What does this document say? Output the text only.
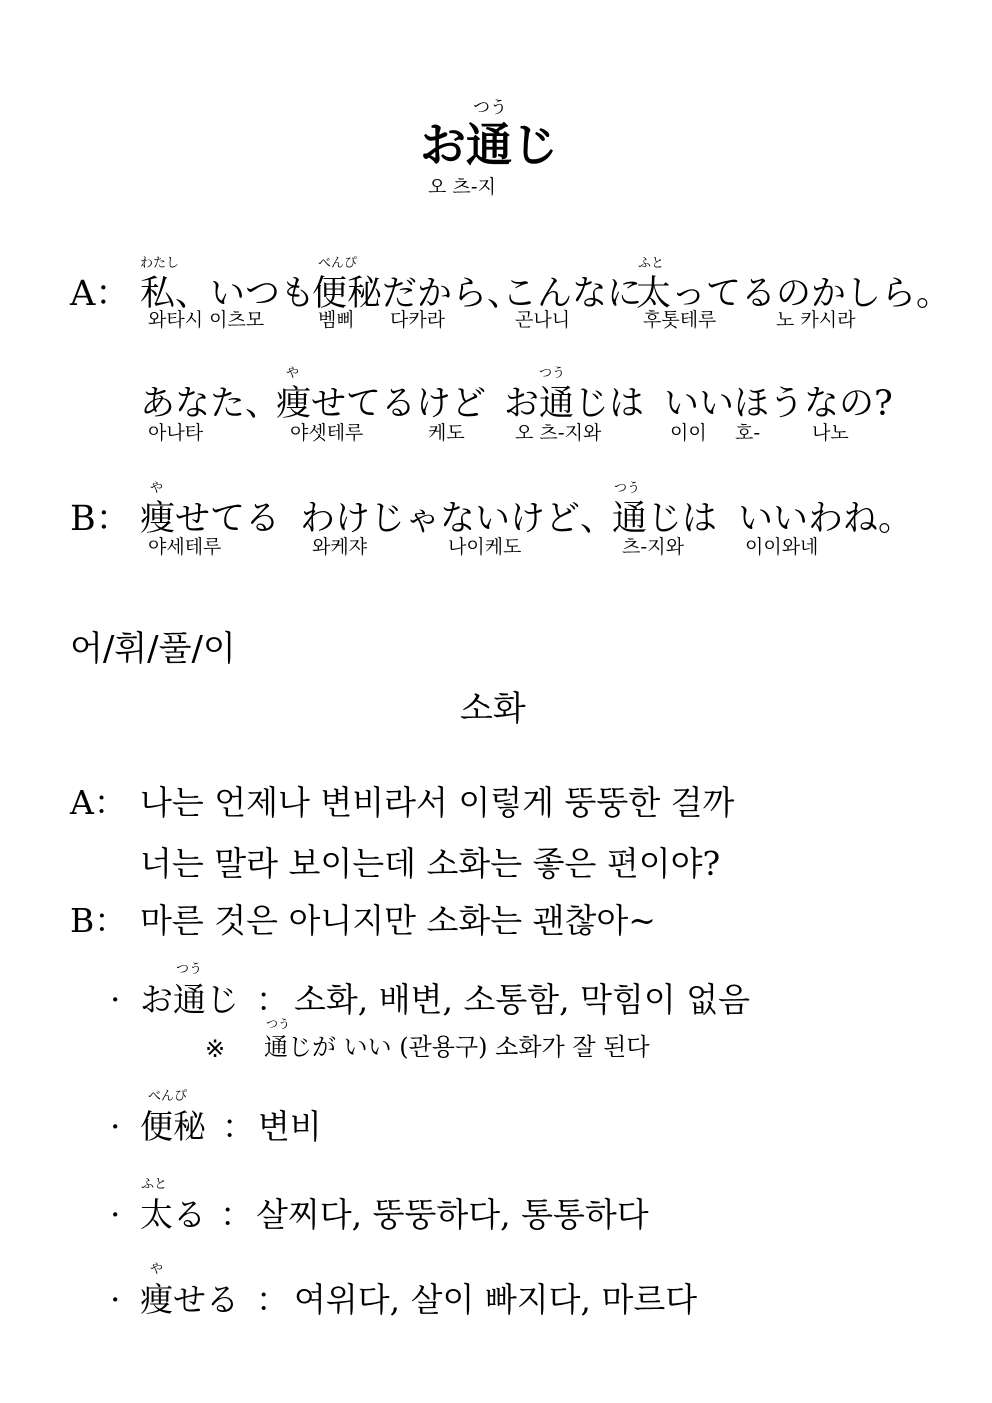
つう
お通じ
오 츠-지
A：
わたし
私、いつも
べんぴ
便秘だから、
こんなに
ふと
太ってるのかしら。
와타시 이츠모	벰삐 다카라	곤나니	후톳테루	노 카시라
あなた、
や
痩せてるけど
つう
お通じは いいほうなの?
아나타	야셋테루	케도	오 츠-지와	이이 호-	나노
B：
や
痩せてる わけじゃないけど、
つう
通じは いいわね。
야세테루	와케쟈	나이케도	츠-지와	이이와네
어/휘/풀/이
소화
A： 나는 언제나 변비라서 이렇게 뚱뚱한 걸까
너는 말라 보이는데 소화는 좋은 편이야?
B： 마른 것은 아니지만 소화는 괜찮아~
·
つう
お通じ ： 소화, 배변, 소통함, 막힘이 없음
※
つう
通じが いい (관용구) 소화가 잘 된다
·
べんぴ
便秘 ： 변비
·
ふと
太る ： 살찌다, 뚱뚱하다, 통통하다
·
や
痩せる ： 여위다, 살이 빠지다, 마르다
